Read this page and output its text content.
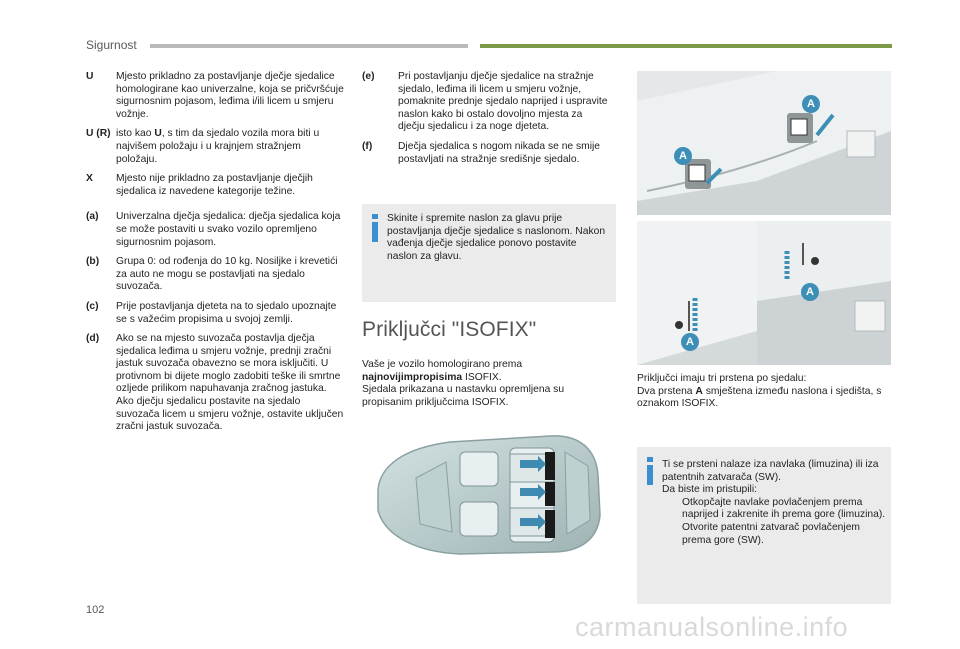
Sigurnost
U	Mjesto prikladno za postavljanje dječje sjedalice homologirane kao univerzalne, koja se pričvršćuje sigurnosnim pojasom, leđima i/ili licem u smjeru vožnje.
U (R) isto kao U, s tim da sjedalo vozila mora biti u najvišem položaju i u krajnjem stražnjem položaju.
X	Mjesto nije prikladno za postavljanje dječjih sjedalica iz navedene kategorije težine.
(a)	Univerzalna dječja sjedalica: dječja sjedalica koja se može postaviti u svako vozilo opremljeno sigurnosnim pojasom.
(b)	Grupa 0: od rođenja do 10 kg. Nosiljke i krevetići za auto ne mogu se postavljati na sjedalo suvozača.
(c)	Prije postavljanja djeteta na to sjedalo upoznajte se s važećim propisima u svojoj zemlji.
(d)	Ako se na mjesto suvozača postavlja dječja sjedalica leđima u smjeru vožnje, prednji zračni jastuk suvozača obavezno se mora isključiti. U protivnom bi dijete moglo zadobiti teške ili smrtne ozljede prilikom napuhavanja zračnog jastuka. Ako dječju sjedalicu postavite na sjedalo suvozača licem u smjeru vožnje, ostavite uključen zračni jastuk suvozača.
(e)	Pri postavljanju dječje sjedalice na stražnje sjedalo, leđima ili licem u smjeru vožnje, pomaknite prednje sjedalo naprijed i uspravite naslon kako bi ostalo dovoljno mjesta za dječju sjedalicu i za noge djeteta.
(f)	Dječja sjedalica s nogom nikada se ne smije postavljati na stražnje središnje sjedalo.
Skinite i spremite naslon za glavu prije postavljanja dječje sjedalice s naslonom. Nakon vađenja dječje sjedalice ponovo postavite naslon za glavu.
Priključci "ISOFIX"
Vaše je vozilo homologirano prema najnovijimpropisima ISOFIX.
Sjedala prikazana u nastavku opremljena su propisanim priključcima ISOFIX.
A
A
A
A
Priključci imaju tri prstena po sjedalu:
Dva prstena A smještena između naslona i sjedišta, s oznakom ISOFIX.
Ti se prsteni nalaze iza navlaka (limuzina) ili iza patentnih zatvarača (SW).
Da biste im pristupili:
Otkopčajte navlake povlačenjem prema naprijed i zakrenite ih prema gore (limuzina).
Otvorite patentni zatvarač povlačenjem prema gore (SW).
102
carmanualsonline.info
